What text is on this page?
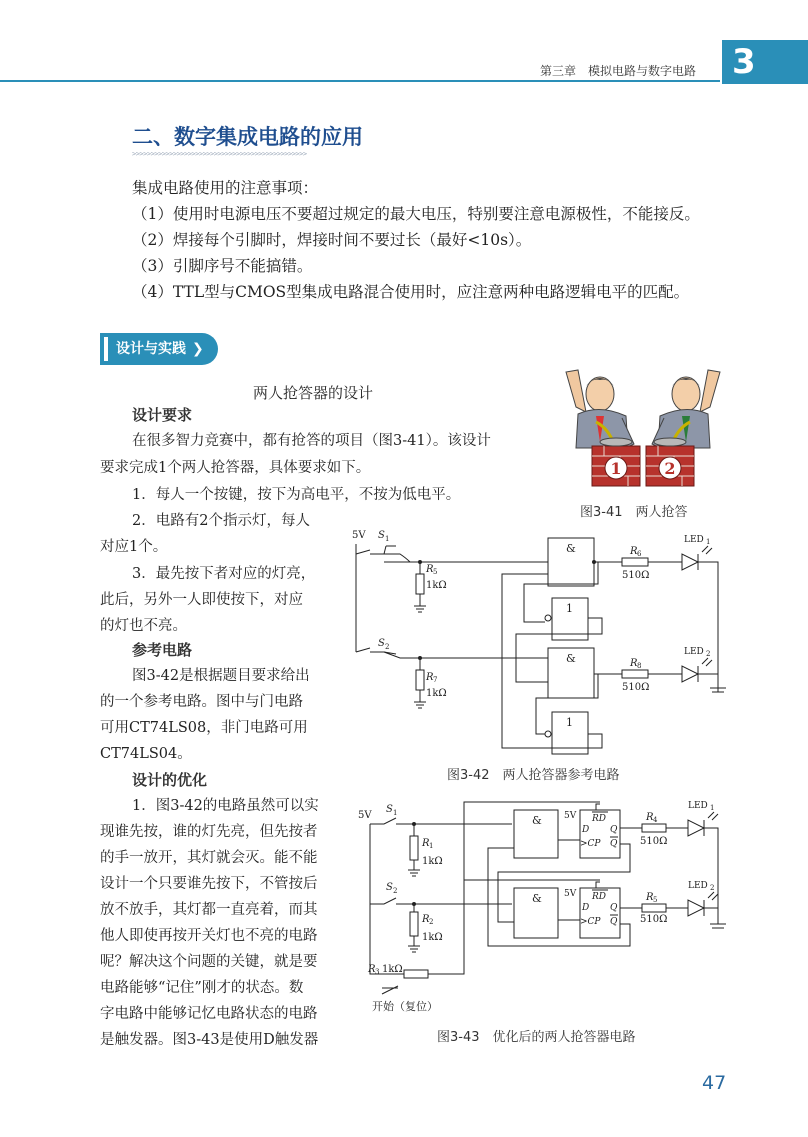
第三章　模拟电路与数字电路 3
二、数字集成电路的应用
>>>>>>>>>>>>>>>>>>>>>>>>>>>>>>>>>>>>>>>>>>>>>>>
集成电路使用的注意事项：
（1）使用时电源电压不要超过规定的最大电压，特别要注意电源极性，不能接反。
（2）焊接每个引脚时，焊接时间不要过长（最好<10s）。
（3）引脚序号不能搞错。
（4）TTL型与CMOS型集成电路混合使用时，应注意两种电路逻辑电平的匹配。
设计与实践 ❯
两人抢答器的设计
设计要求
在很多智力竞赛中，都有抢答的项目（图3-41）。该设计
要求完成1个两人抢答器，具体要求如下。
1．每人一个按键，按下为高电平，不按为低电平。
2．电路有2个指示灯，每人
对应1个。
3．最先按下者对应的灯亮，
此后，另外一人即使按下，对应
的灯也不亮。
参考电路
图3-42是根据题目要求给出
的一个参考电路。图中与门电路
可用CT74LS08，非门电路可用
CT74LS04。
设计的优化
1．图3-42的电路虽然可以实
现谁先按，谁的灯先亮，但先按者
的手一放开，其灯就会灭。能不能
设计一个只要谁先按下，不管按后
放不放手，其灯都一直亮着，而其
他人即使再按开关灯也不亮的电路
呢？解决这个问题的关键，就是要
电路能够“记住”刚才的状态。数
字电路中能够记忆电路状态的电路
是触发器。图3-43是使用D触发器
1	2
图3-41　两人抢答
5V S 1
R 5
1kΩ
&	R 6
510Ω
LED 1
1
S 2
R 7
1kΩ
&	R 8
510Ω
LED 2
1
图3-42　两人抢答器参考电路
5V
S 1
R 1
1kΩ
& 5V RD
D
>CP
Q
Q
R 4
510Ω
LED 1
S 2
R 2
1kΩ
& 5V RD
D
>CP
Q
Q
R 5
510Ω
LED 2
R 3 1kΩ
开始（复位）
图3-43　优化后的两人抢答器电路
47
